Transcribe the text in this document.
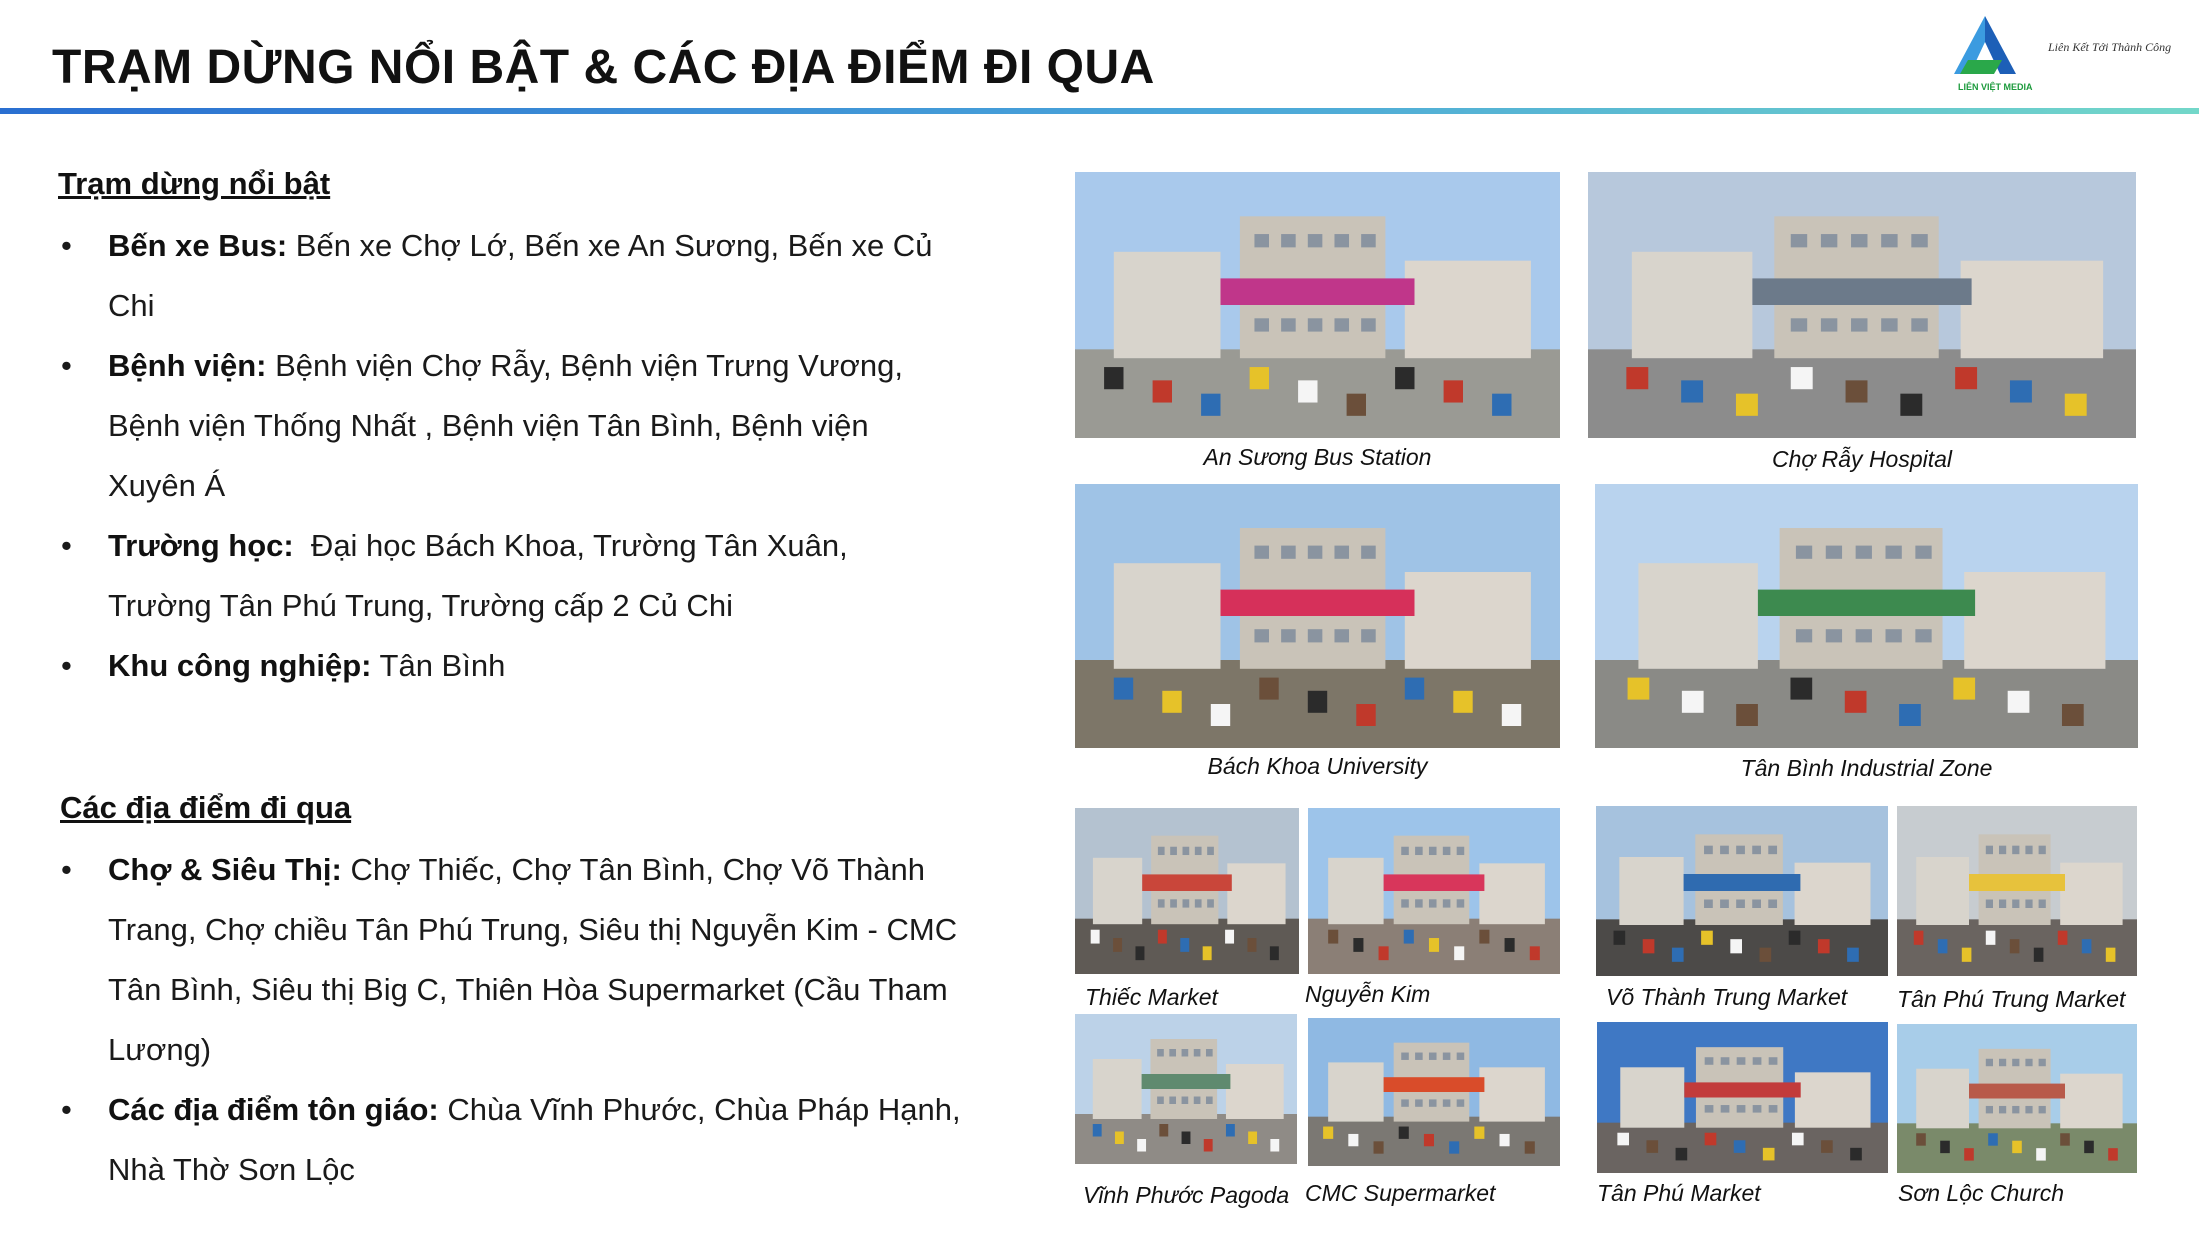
TRẠM DỪNG NỔI BẬT & CÁC ĐỊA ĐIỂM ĐI QUA	Liên Kết Tới Thành Công
LIÊN VIỆT MEDIA
Trạm dừng nổi bật
• Bến xe Bus: Bến xe Chợ Lớ, Bến xe An Sương, Bến xe Củ
Chi
• Bệnh viện: Bệnh viện Chợ Rẫy, Bệnh viện Trưng Vương,
Bệnh viện Thống Nhất , Bệnh viện Tân Bình, Bệnh viện
Xuyên Á
• Trường học:  Đại học Bách Khoa, Trường Tân Xuân,
Trường Tân Phú Trung, Trường cấp 2 Củ Chi
• Khu công nghiệp: Tân Bình
Các địa điểm đi qua
• Chợ & Siêu Thị: Chợ Thiếc, Chợ Tân Bình, Chợ Võ Thành
Trang, Chợ chiều Tân Phú Trung, Siêu thị Nguyễn Kim - CMC
Tân Bình, Siêu thị Big C, Thiên Hòa Supermarket (Cầu Tham
Lương)
• Các địa điểm tôn giáo: Chùa Vĩnh Phước, Chùa Pháp Hạnh,
Nhà Thờ Sơn Lộc
An Sương Bus Station	Chợ Rẫy Hospital
Bách Khoa University	Tân Bình Industrial Zone
Thiếc Market	Nguyễn Kim	Võ Thành Trung Market Tân Phú Trung Market
Vĩnh Phước Pagoda CMC Supermarket	Tân Phú Market	Sơn Lộc Church
